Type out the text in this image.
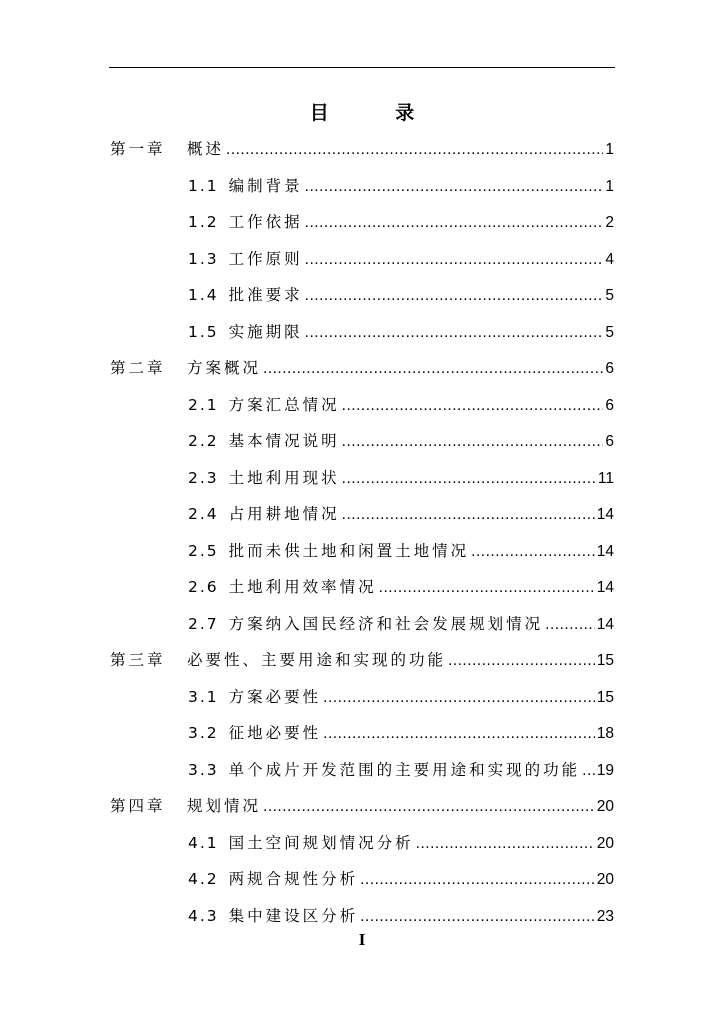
目 录
第一章	概述 .....	1
1.1 编制背景 .....	1
1.2 工作依据 .....	2
1.3 工作原则 .....	4
1.4 批准要求 .....	5
1.5 实施期限 .....	5
第二章	方案概况 .....	6
2.1 方案汇总情况 .....	6
2.2 基本情况说明 .....	6
2.3 土地利用现状 .....	11
2.4 占用耕地情况 .....	14
2.5 批而未供土地和闲置土地情况 .....	14
2.6 土地利用效率情况 .....	14
2.7 方案纳入国民经济和社会发展规划情况 .....	14
第三章	必要性、主要用途和实现的功能 .....	15
3.1 方案必要性 .....	15
3.2 征地必要性 .....	18
3.3 单个成片开发范围的主要用途和实现的功能 ..... 19
第四章	规划情况 .....	20
4.1 国土空间规划情况分析 .....	20
4.2 两规合规性分析 .....	20
4.3 集中建设区分析 .....	23
I
